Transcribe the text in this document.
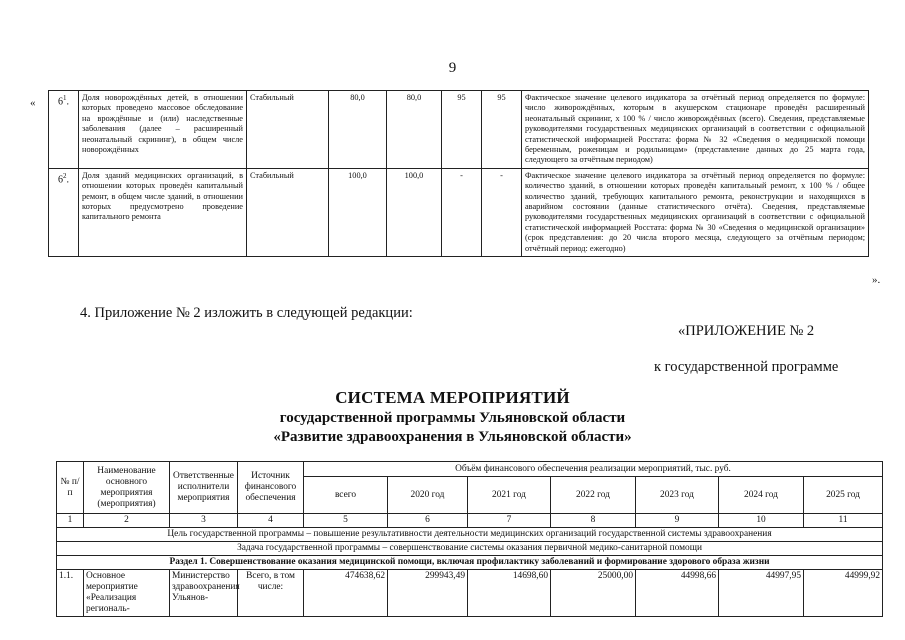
9
« $6^1$.	Доля новорождённых детей, в отношении которых проведено массовое обследование на врождённые и (или) наследственные заболевания (далее – расширенный неонатальный скрининг), в общем числе новорождённых	Стабильный	80,0	80,0	95	95	Фактическое значение целевого индикатора за отчётный период определяется по формуле: число живорождённых, которым в акушерском стационаре проведён расширенный неонатальный скрининг, х 100 % / число живорождённых (всего). Сведения, представляемые руководителями государственных медицинских организаций в соответствии с официальной статистической информацией Росстата: форма № 32 «Сведения о медицинской помощи беременным, роженицам и родильницам» (представление данных до 25 марта года, следующего за отчётным периодом)
$6^2$.	Доля зданий медицинских организаций, в отношении которых проведён капитальный ремонт, в общем числе зданий, в отношении которых предусмотрено проведение капитального ремонта	Стабильный	100,0	100,0	-	-	Фактическое значение целевого индикатора за отчётный период определяется по формуле: количество зданий, в отношении которых проведён капитальный ремонт, х 100 % / общее количество зданий, требующих капитального ремонта, реконструкции и находящихся в аварийном состоянии (данные статистического отчёта). Сведения, представляемые руководителями государственных медицинских организаций в соответствии с официальной статистической информацией Росстата: форма № 30 «Сведения о медицинской организации» (срок представления: до 20 числа второго месяца, следующего за отчётным периодом; отчётный период: ежегодно)
».
4. Приложение № 2 изложить в следующей редакции:
«ПРИЛОЖЕНИЕ № 2
к государственной программе
СИСТЕМА МЕРОПРИЯТИЙ
государственной программы Ульяновской области
«Развитие здравоохранения в Ульяновской области»
№ п/п	Наименование основного мероприятия (мероприятия)	Ответственные исполнители мероприятия	Источник финансового обеспечения	Объём финансового обеспечения реализации мероприятий, тыс. руб.						
				всего	2020 год	2021 год	2022 год	2023 год	2024 год	2025 год
1	2	3	4	5	6	7	8	9	10	11
Цель государственной программы – повышение результативности деятельности медицинских организаций государственной системы здравоохранения										
Задача государственной программы – совершенствование системы оказания первичной медико-санитарной помощи										
Раздел 1. Совершенствование оказания медицинской помощи, включая профилактику заболеваний и формирование здорового образа жизни										
1.1.	Основное мероприятие «Реализация региональ-	Министерство здравоохранения Ульянов-	Всего, в том числе:	474638,62	299943,49	14698,60	25000,00	44998,66	44997,95	44999,92
